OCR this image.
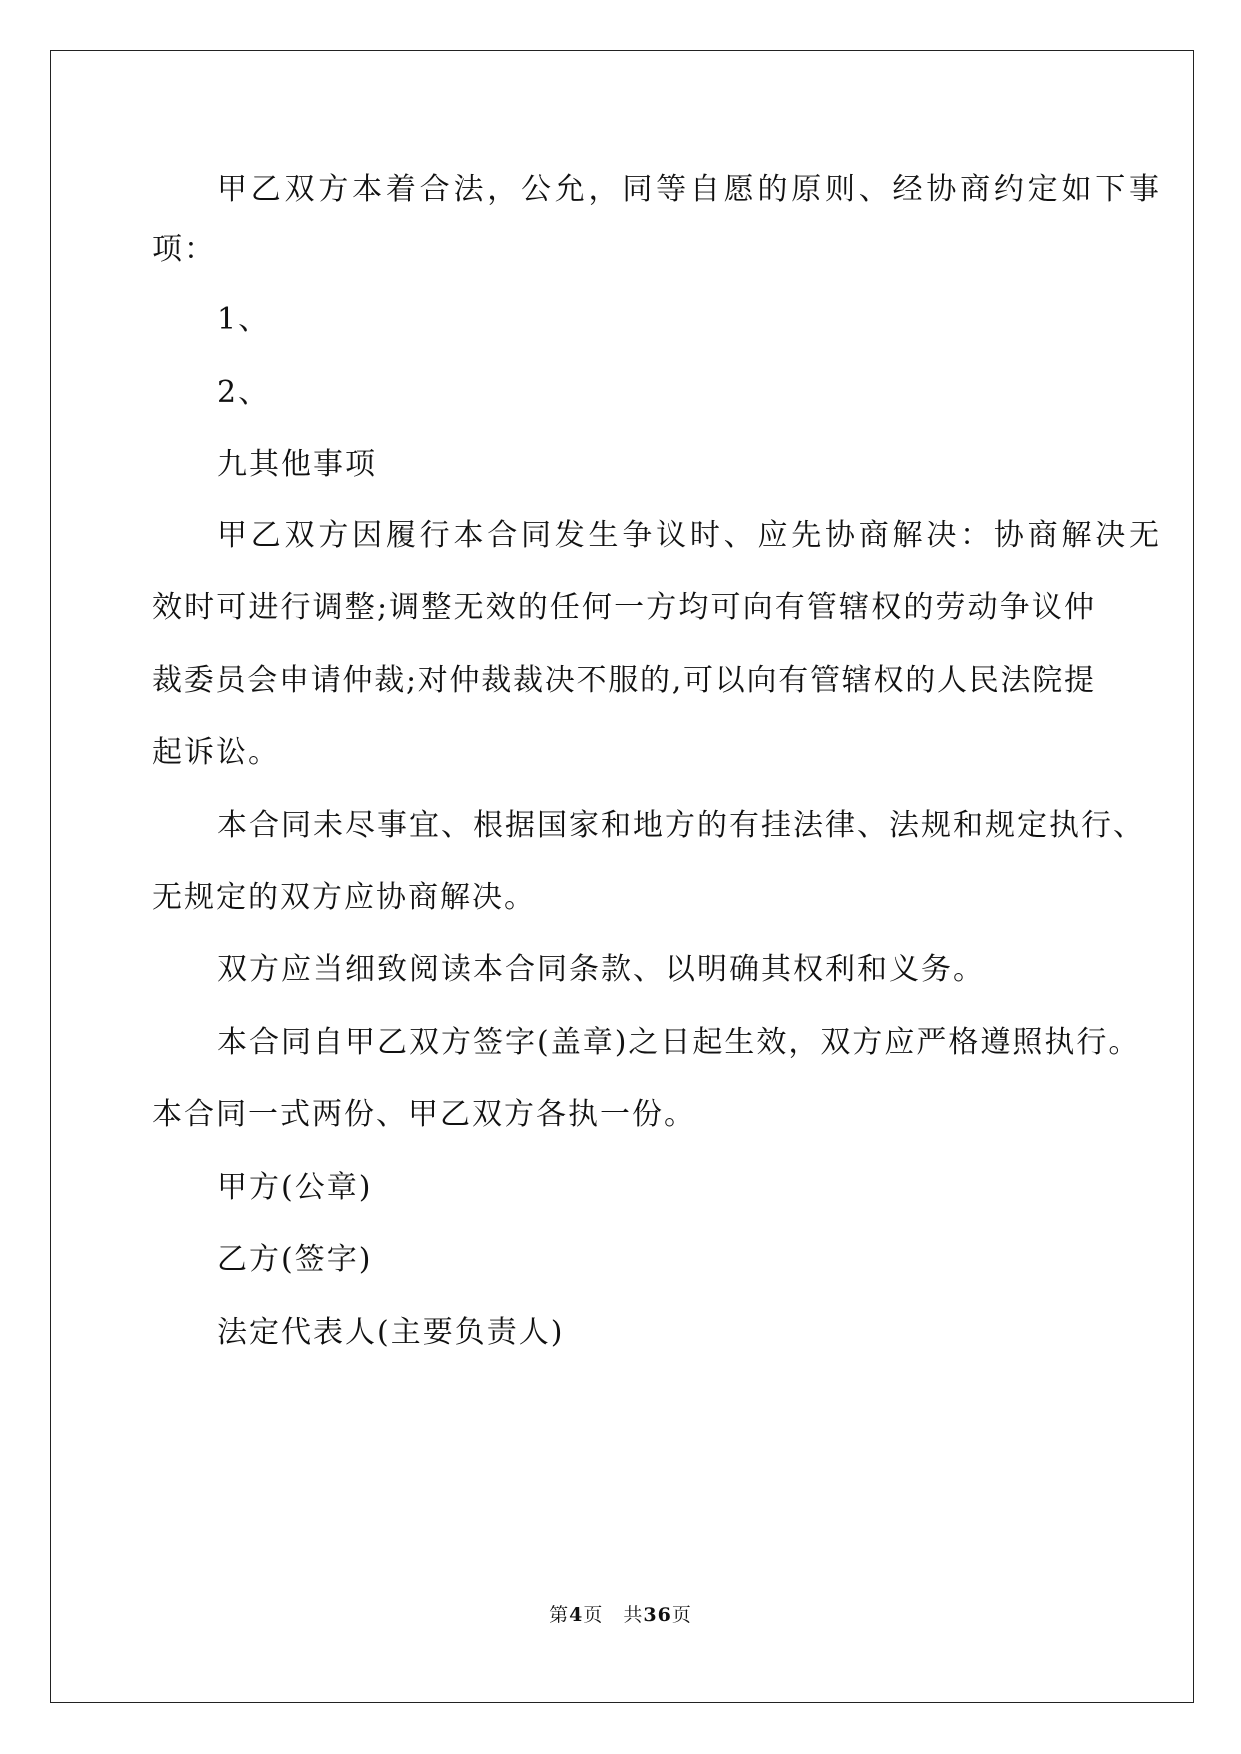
甲乙双方本着合法，公允，同等自愿的原则、经协商约定如下事
项：
1、
2、
九其他事项
甲乙双方因履行本合同发生争议时、应先协商解决：协商解决无
效时可进行调整;调整无效的任何一方均可向有管辖权的劳动争议仲
裁委员会申请仲裁;对仲裁裁决不服的,可以向有管辖权的人民法院提
起诉讼。
本合同未尽事宜、根据国家和地方的有挂法律、法规和规定执行、
无规定的双方应协商解决。
双方应当细致阅读本合同条款、以明确其权利和义务。
本合同自甲乙双方签字(盖章)之日起生效，双方应严格遵照执行。
本合同一式两份、甲乙双方各执一份。
甲方(公章)
乙方(签字)
法定代表人(主要负责人)
第4页 共36页
